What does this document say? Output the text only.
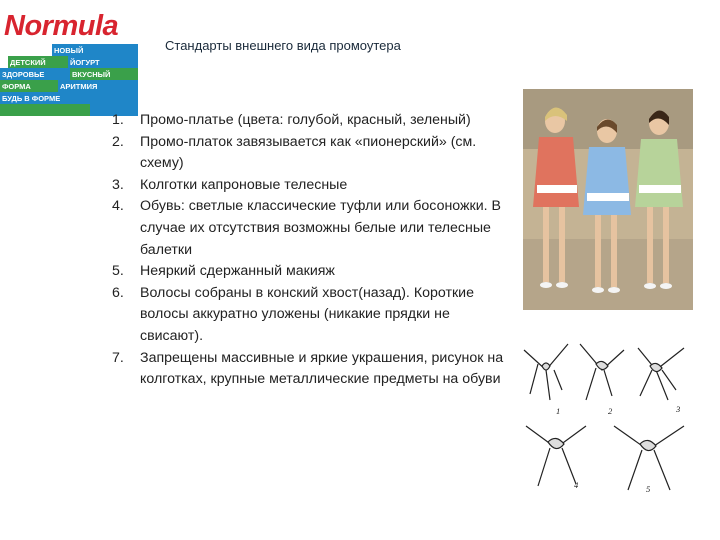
Normula
НОВЫЙ
ДЕТСКИЙ	ЙОГУРТ
ЗДОРОВЬЕ	ВКУСНЫЙ
ФОРМА	АРИТМИЯ
БУДЬ В ФОРМЕ
Стандарты внешнего вида промоутера
1. Промо-платье (цвета: голубой, красный, зеленый)
2. Промо-платок завязывается как «пионерский» (см. схему)
3. Колготки капроновые телесные
4. Обувь: светлые классические туфли или босоножки. В случае их отсутствия возможны белые или телесные балетки
5. Неяркий сдержанный макияж
6. Волосы собраны в конский хвост(назад). Короткие волосы аккуратно уложены (никакие прядки не свисают).
7. Запрещены массивные и яркие украшения, рисунок на колготках, крупные металлические предметы на обуви
1	2	3
4	5
